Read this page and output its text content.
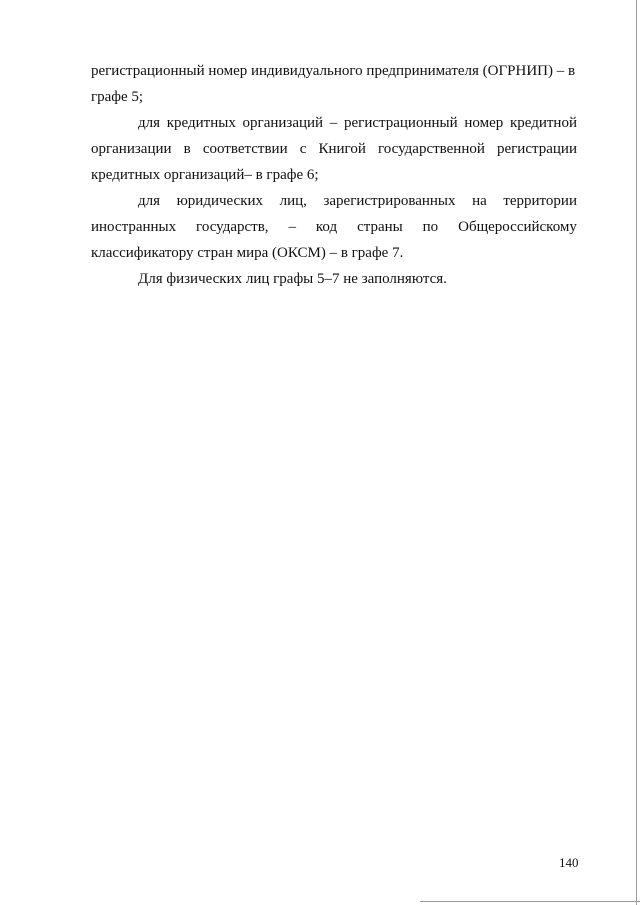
регистрационный номер индивидуального предпринимателя (ОГРНИП) – в
графе 5;
для кредитных организаций – регистрационный номер кредитной
организации в соответствии с Книгой государственной регистрации
кредитных организаций– в графе 6;
для юридических лиц, зарегистрированных на территории
иностранных государств, – код страны по Общероссийскому
классификатору стран мира (ОКСМ) – в графе 7.
Для физических лиц графы 5–7 не заполняются.
140
